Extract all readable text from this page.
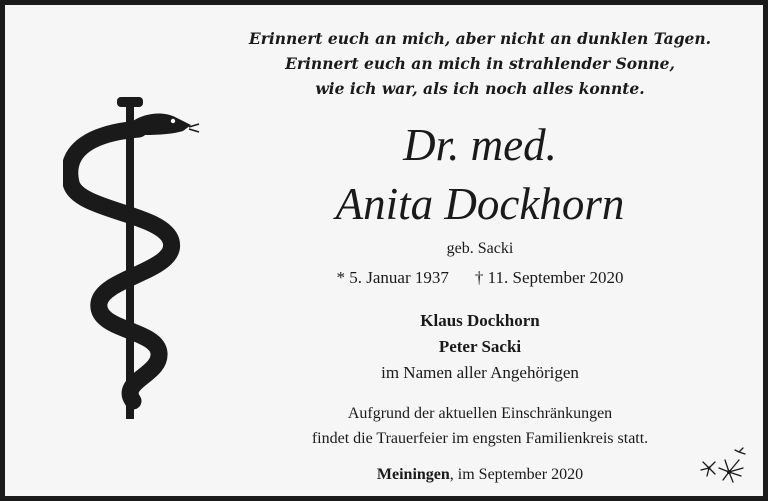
Erinnert euch an mich, aber nicht an dunklen Tagen.
Erinnert euch an mich in strahlender Sonne,
wie ich war, als ich noch alles konnte.
Dr. med.
Anita Dockhorn
geb. Sacki
* 5. Januar 1937 † 11. September 2020
Klaus Dockhorn
Peter Sacki
im Namen aller Angehörigen
Aufgrund der aktuellen Einschränkungen
findet die Trauerfeier im engsten Familienkreis statt.
Meiningen, im September 2020
